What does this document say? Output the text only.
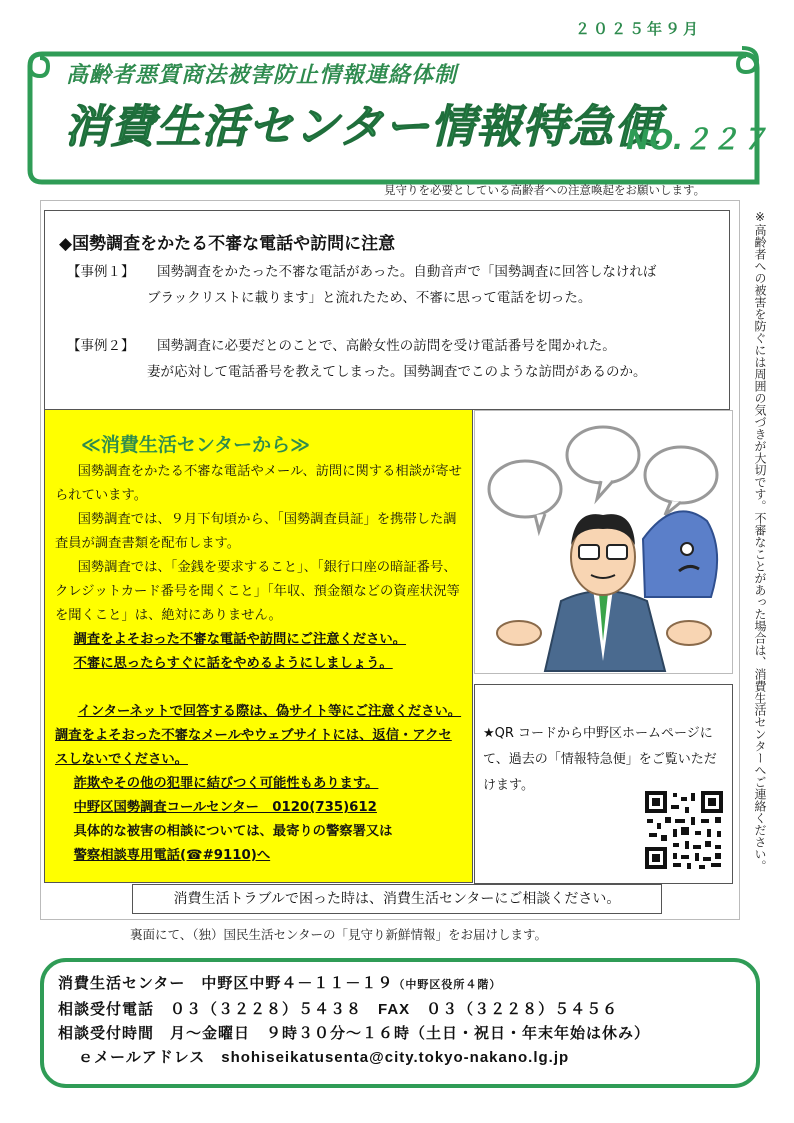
２０２５年９月
高齢者悪質商法被害防止情報連絡体制
消費生活センター情報特急便
NO.２２７
見守りを必要としている高齢者への注意喚起をお願いします。
※高齢者への被害を防ぐには周囲の気づきが大切です。不審なことがあった場合は、消費生活センターへご連絡ください。
◆国勢調査をかたる不審な電話や訪問に注意
【事例１】 国勢調査をかたった不審な電話があった。自動音声で「国勢調査に回答しなければ
ブラックリストに載ります」と流れたため、不審に思って電話を切った。
【事例２】 国勢調査に必要だとのことで、高齢女性の訪問を受け電話番号を聞かれた。
妻が応対して電話番号を教えてしまった。国勢調査でこのような訪問があるのか。
≪消費生活センターから≫

国勢調査をかたる不審な電話やメール、訪問に関する相談が寄せられています。

国勢調査では、９月下旬頃から、「国勢調査員証」を携帯した調査員が調査書類を配布します。

国勢調査では、「金銭を要求すること」、「銀行口座の暗証番号、クレジットカード番号を聞くこと」「年収、預金額などの資産状況等を聞くこと」は、絶対にありません。

調査をよそおった不審な電話や訪問にご注意ください。
不審に思ったらすぐに話をやめるようにしましょう。

インターネットで回答する際は、偽サイト等にご注意ください。調査をよそおった不審なメールやウェブサイトには、返信・アクセスしないでください。

詐欺やその他の犯罪に結びつく可能性もあります。
中野区国勢調査コールセンター　0120(735)612
具体的な被害の相談については、最寄りの警察署又は
警察相談専用電話(☎#9110)へ
★QR コードから中野区ホームページにて、過去の「情報特急便」をご覧いただけます。
消費生活トラブルで困った時は、消費生活センターにご相談ください。
裏面にて、（独）国民生活センターの「見守り新鮮情報」をお届けします。
消費生活センター　中野区中野４－１１－１９（中野区役所４階）
相談受付電話　０３（３２２８）５４３８　FAX　０３（３２２８）５４５６
相談受付時間　月～金曜日　９時３０分～１６時（土日・祝日・年末年始は休み）
ｅメールアドレス　shohiseikatusenta@city.tokyo-nakano.lg.jp
